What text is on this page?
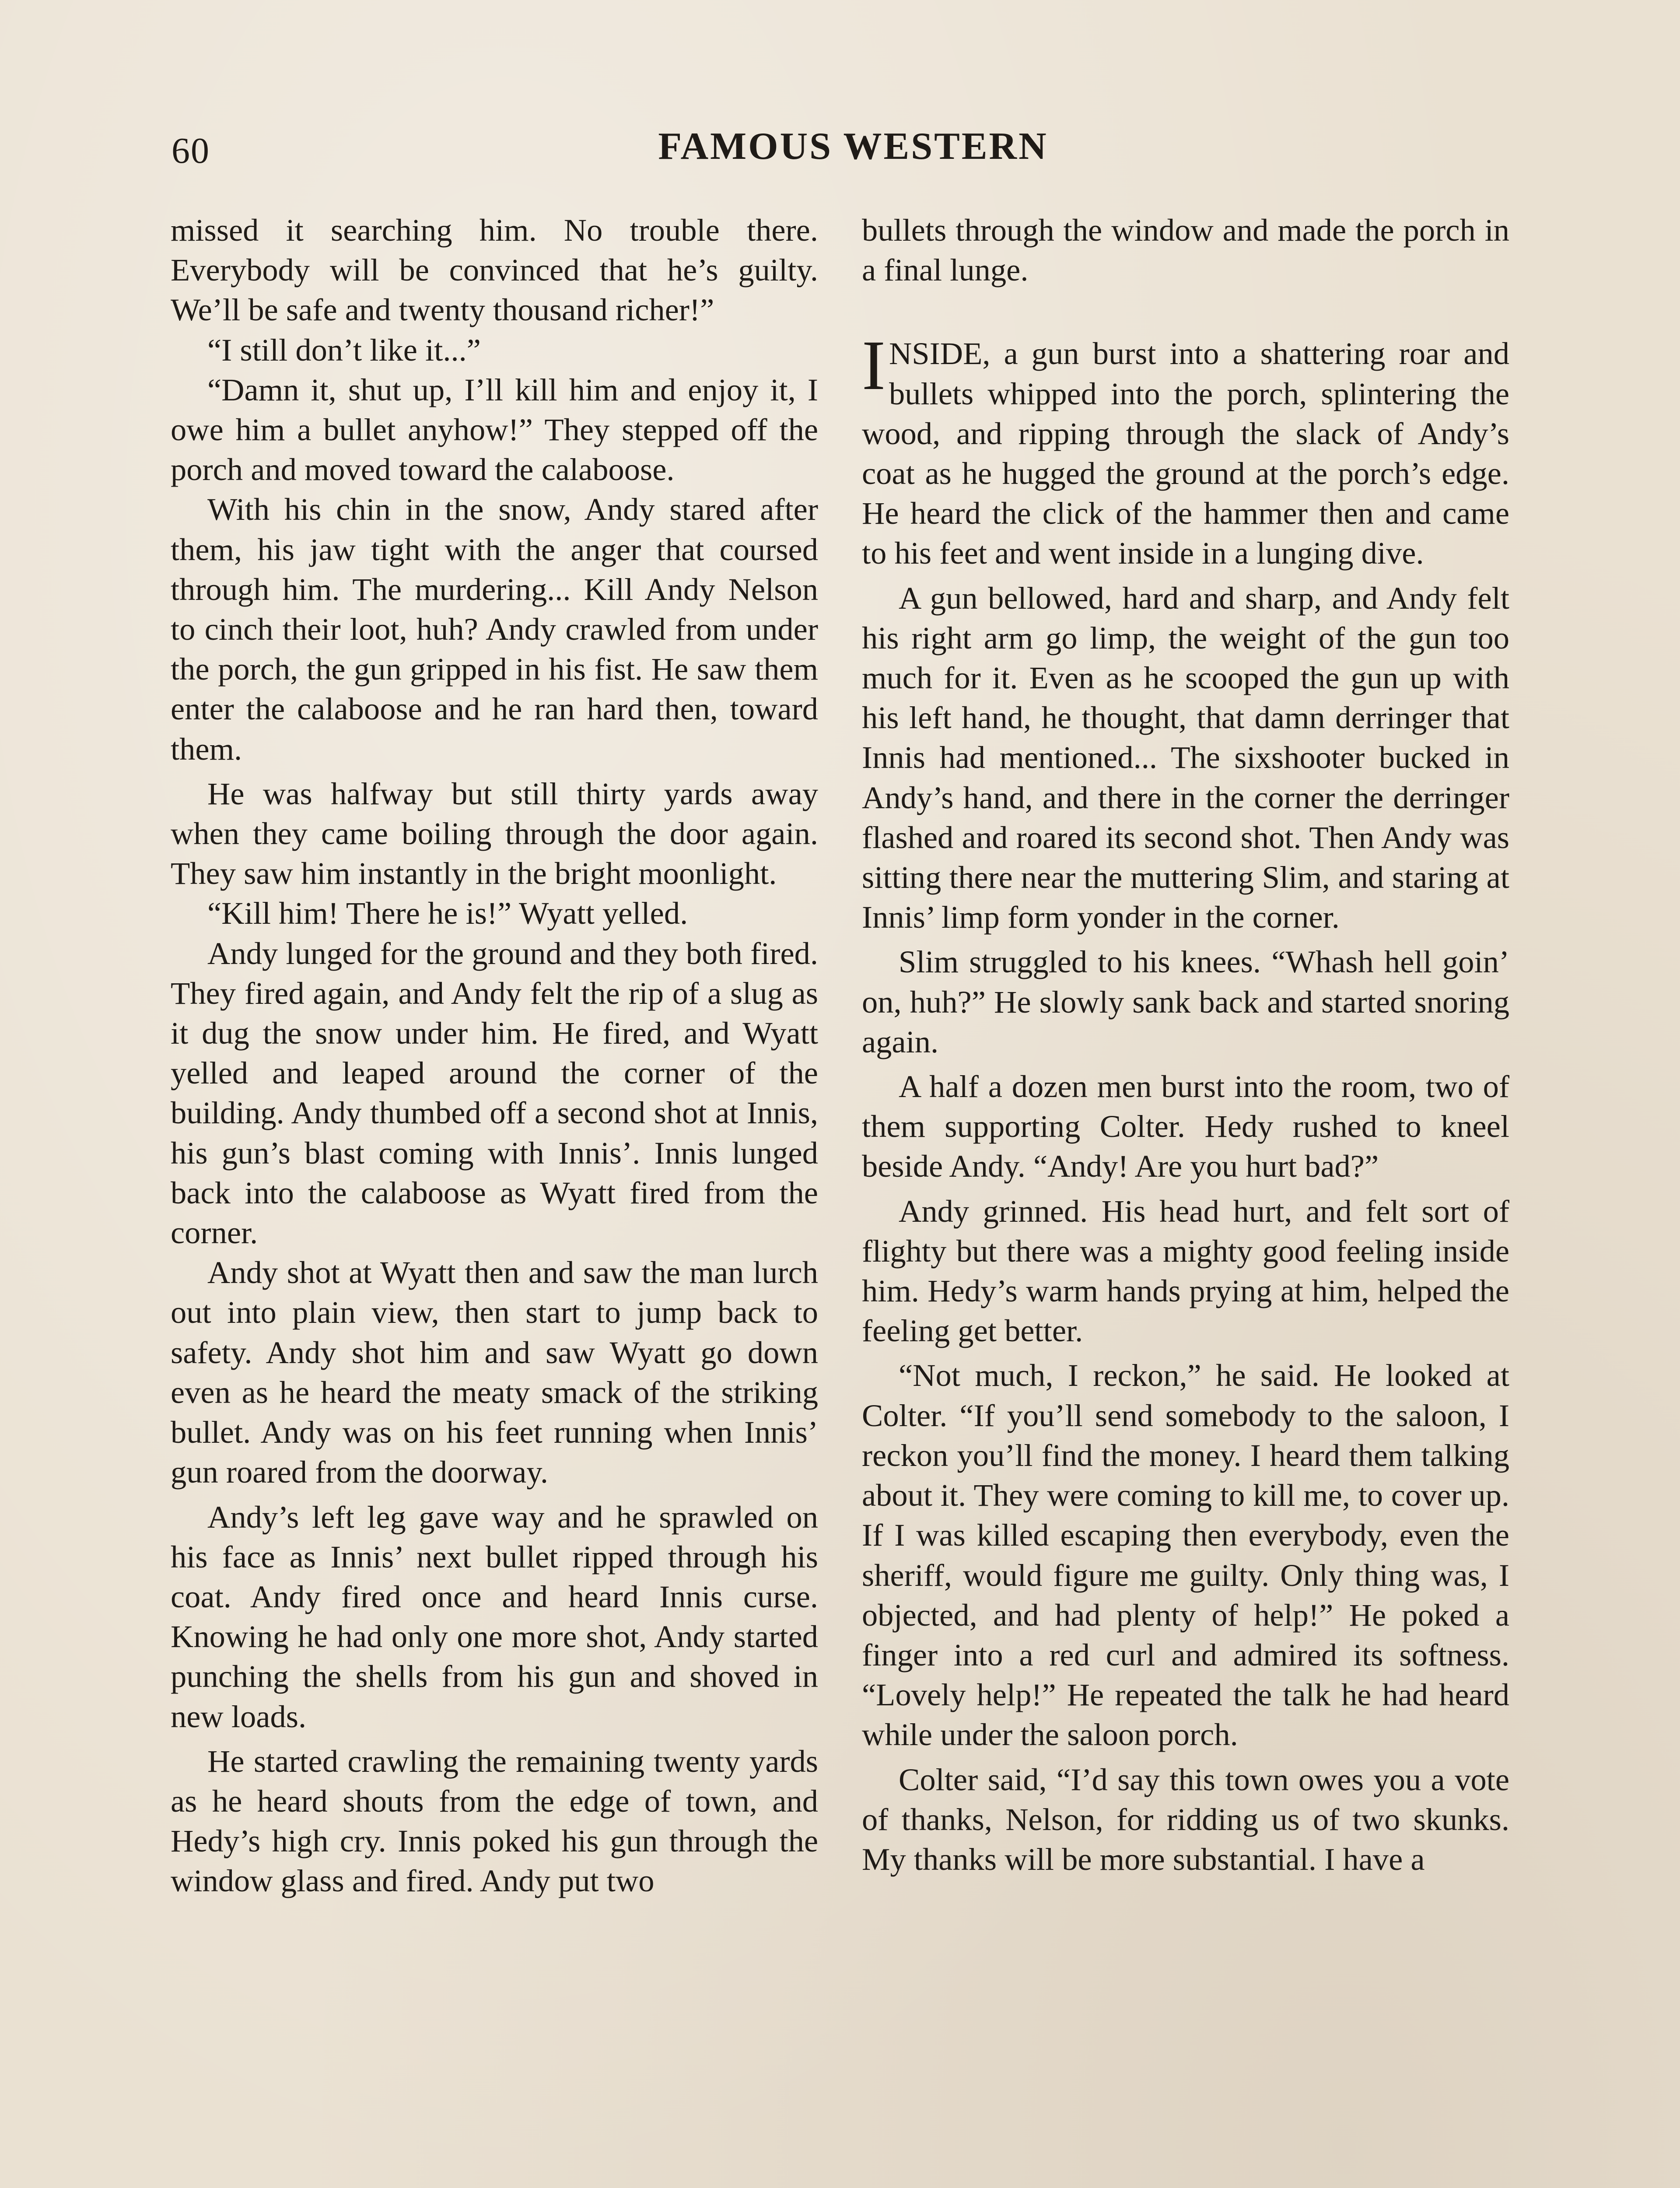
60	FAMOUS WESTERN

missed it searching him. No trouble there. Everybody will be convinced that he’s guilty. We’ll be safe and twenty thousand richer!”

“I still don’t like it...”

“Damn it, shut up, I’ll kill him and enjoy it, I owe him a bullet anyhow!” They stepped off the porch and moved toward the calaboose.

With his chin in the snow, Andy stared after them, his jaw tight with the anger that coursed through him. The murdering... Kill Andy Nelson to cinch their loot, huh? Andy crawled from under the porch, the gun gripped in his fist. He saw them enter the calaboose and he ran hard then, toward them.

He was halfway but still thirty yards away when they came boiling through the door again. They saw him instantly in the bright moonlight.

“Kill him! There he is!” Wyatt yelled.

Andy lunged for the ground and they both fired. They fired again, and Andy felt the rip of a slug as it dug the snow under him. He fired, and Wyatt yelled and leaped around the corner of the building. Andy thumbed off a second shot at Innis, his gun’s blast coming with Innis’. Innis lunged back into the calaboose as Wyatt fired from the corner.

Andy shot at Wyatt then and saw the man lurch out into plain view, then start to jump back to safety. Andy shot him and saw Wyatt go down even as he heard the meaty smack of the striking bullet. Andy was on his feet running when Innis’ gun roared from the doorway.

Andy’s left leg gave way and he sprawled on his face as Innis’ next bullet ripped through his coat. Andy fired once and heard Innis curse. Knowing he had only one more shot, Andy started punching the shells from his gun and shoved in new loads.

He started crawling the remaining twenty yards as he heard shouts from the edge of town, and Hedy’s high cry. Innis poked his gun through the window glass and fired. Andy put two

bullets through the window and made the porch in a final lunge.

INSIDE, a gun burst into a shattering roar and bullets whipped into the porch, splintering the wood, and ripping through the slack of Andy’s coat as he hugged the ground at the porch’s edge. He heard the click of the hammer then and came to his feet and went inside in a lunging dive.

A gun bellowed, hard and sharp, and Andy felt his right arm go limp, the weight of the gun too much for it. Even as he scooped the gun up with his left hand, he thought, that damn derringer that Innis had mentioned... The sixshooter bucked in Andy’s hand, and there in the corner the derringer flashed and roared its second shot. Then Andy was sitting there near the muttering Slim, and staring at Innis’ limp form yonder in the corner.

Slim struggled to his knees. “Whash hell goin’ on, huh?” He slowly sank back and started snoring again.

A half a dozen men burst into the room, two of them supporting Colter. Hedy rushed to kneel beside Andy. “Andy! Are you hurt bad?”

Andy grinned. His head hurt, and felt sort of flighty but there was a mighty good feeling inside him. Hedy’s warm hands prying at him, helped the feeling get better.

“Not much, I reckon,” he said. He looked at Colter. “If you’ll send somebody to the saloon, I reckon you’ll find the money. I heard them talking about it. They were coming to kill me, to cover up. If I was killed escaping then everybody, even the sheriff, would figure me guilty. Only thing was, I objected, and had plenty of help!” He poked a finger into a red curl and admired its softness. “Lovely help!” He repeated the talk he had heard while under the saloon porch.

Colter said, “I’d say this town owes you a vote of thanks, Nelson, for ridding us of two skunks. My thanks will be more substantial. I have a
